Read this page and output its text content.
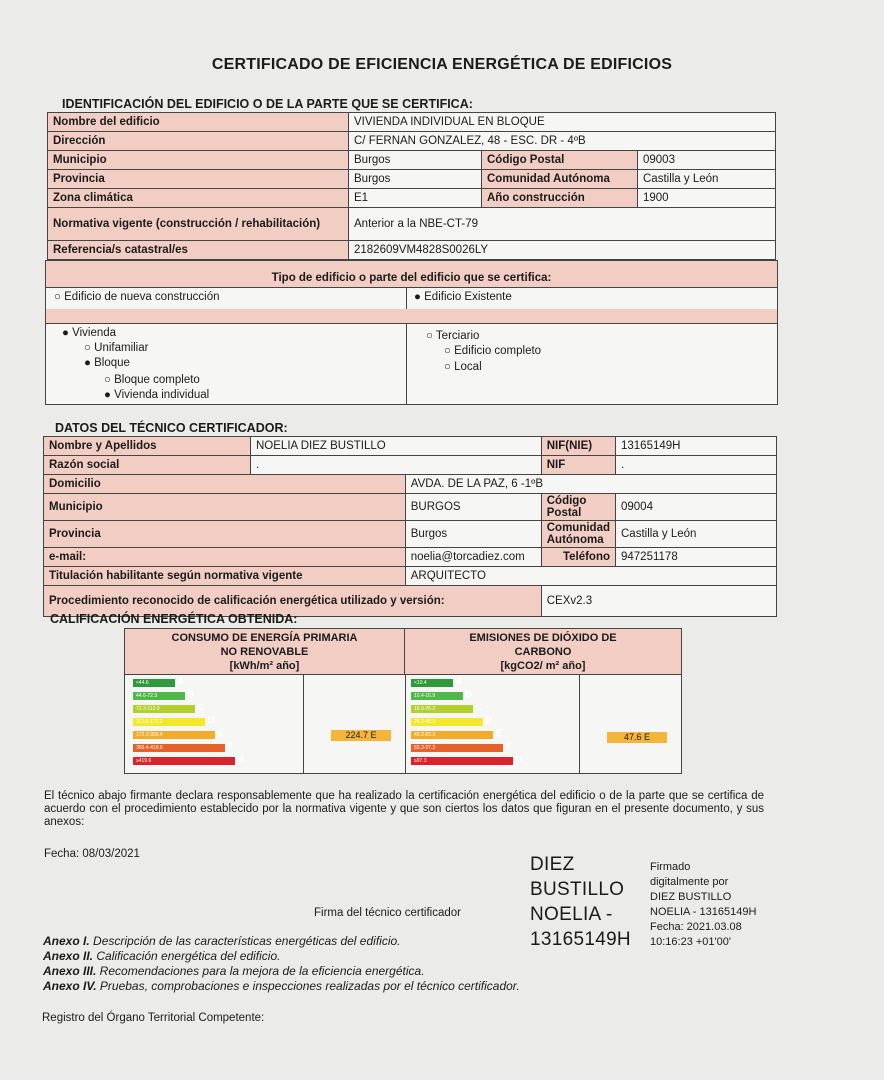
CERTIFICADO DE EFICIENCIA ENERGÉTICA DE EDIFICIOS
IDENTIFICACIÓN DEL EDIFICIO O DE LA PARTE QUE SE CERTIFICA:
Nombre del edificio	VIVIENDA INDIVIDUAL EN BLOQUE		
Dirección	C/ FERNAN GONZALEZ, 48 - ESC. DR - 4ºB		
Municipio	Burgos	Código Postal	09003
Provincia	Burgos	Comunidad Autónoma	Castilla y León
Zona climática	E1	Año construcción	1900
Normativa vigente (construcción / rehabilitación)	Anterior a la NBE-CT-79		
Referencia/s catastral/es	2182609VM4828S0026LY		
Tipo de edificio o parte del edificio que se certifica:
○ Edificio de nueva construcción	● Edificio Existente
● Vivienda
○ Unifamiliar
● Bloque
○ Bloque completo
● Vivienda individual
○ Terciario
○ Edificio completo
○ Local
DATOS DEL TÉCNICO CERTIFICADOR:
Nombre y Apellidos	NOELIA DIEZ BUSTILLO		NIF(NIE)	13165149H
Razón social	.		NIF	.
Domicilio		AVDA. DE LA PAZ, 6 -1ºB		
Municipio		BURGOS	Código Postal	09004
Provincia		Burgos	Comunidad Autónoma	Castilla y León
e-mail:		noelia@torcadiez.com	Teléfono	947251178
Titulación habilitante según normativa vigente		ARQUITECTO		
Procedimiento reconocido de calificación energética utilizado y versión:			CEXv2.3	
CALIFICACIÓN ENERGÉTICA OBTENIDA:
CONSUMO DE ENERGÍA PRIMARIA NO RENOVABLE
[kWh/m² año]
EMISIONES DE DIÓXIDO DE CARBONO
[kgCO2/ m² año]
<44.6	A
44.6-72.3	B
72.3-112.0	C
112.0-172.2	D
172.2-356.4	E
356.4-419.6	F
≥419.6	G
<10.4	A
10.4-16.9	B
16.9-26.2	C
26.2-40.3	D
40.3-83.3	E
83.3-97.3	F
≥97.3	G
224.7 E	47.6 E
El técnico abajo firmante declara responsablemente que ha realizado la certificación energética del edificio o de la parte que se certifica de acuerdo con el procedimiento establecido por la normativa vigente y que son ciertos los datos que figuran en el presente documento, y sus anexos:
Fecha: 08/03/2021
Firma del técnico certificador
DIEZ
BUSTILLO
NOELIA -
13165149H
Firmado
digitalmente por
DIEZ BUSTILLO
NOELIA - 13165149H
Fecha: 2021.03.08
10:16:23 +01'00'
Anexo I. Descripción de las características energéticas del edificio.
Anexo II. Calificación energética del edificio.
Anexo III. Recomendaciones para la mejora de la eficiencia energética.
Anexo IV. Pruebas, comprobaciones e inspecciones realizadas por el técnico certificador.
Registro del Órgano Territorial Competente:
